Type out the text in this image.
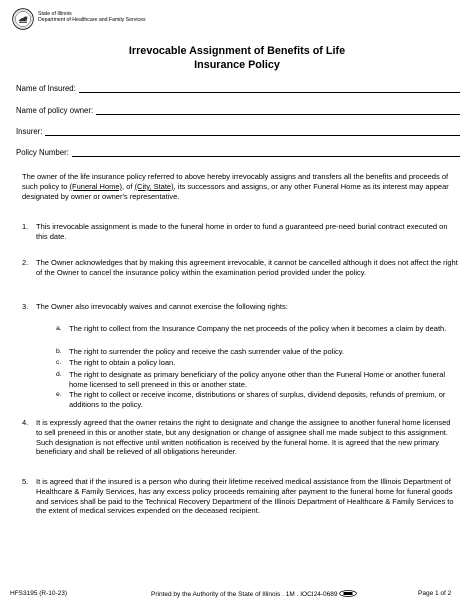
State of Illinois
Department of Healthcare and Family Services
Irrevocable Assignment of Benefits of Life
Insurance Policy
Name of Insured:
Name of policy owner:
Insurer:
Policy Number:
The owner of the life insurance policy referred to above hereby irrevocably assigns and transfers all the benefits and proceeds of such policy to (Funeral Home), of (City, State), its successors and assigns, or any other Funeral Home as its interest may appear designated by owner or owner's representative.
1. This irrevocable assignment is made to the funeral home in order to fund a guaranteed pre-need burial contract executed on this date.
2. The Owner acknowledges that by making this agreement irrevocable, it cannot be cancelled although it does not affect the right of the Owner to cancel the insurance policy within the examination period provided under the policy.
3. The Owner also irrevocably waives and cannot exercise the following rights:
a. The right to collect from the Insurance Company the net proceeds of the policy when it becomes a claim by death.
b. The right to surrender the policy and receive the cash surrender value of the policy.
c. The right to obtain a policy loan.
d. The right to designate as primary beneficiary of the policy anyone other than the Funeral Home or another funeral home licensed to sell preneed in this or another state.
e. The right to collect or receive income, distributions or shares of surplus, dividend deposits, refunds of premium, or additions to the policy.
4. It is expressly agreed that the owner retains the right to designate and change the assignee to another funeral home licensed to sell preneed in this or another state, but any designation or change of assignee shall me made subject to this assignment. Such designation is not effective until written notification is received by the funeral home. It is agreed that the new primary beneficiary and shall be relieved of all obligations hereunder.
5. It is agreed that if the insured is a person who during their lifetime received medical assistance from the Illinois Department of Healthcare & Family Services, has any excess policy proceeds remaining after payment to the funeral home for funeral goods and services shall be paid to the Technical Recovery Department of the Illinois Department of Healthcare & Family Services to the extent of medical services expended on the deceased recipient.
HFS3195 (R-10-23)	Printed by the Authority of the State of Illinois . 1M . IOCI24-0689	Page 1 of 2
